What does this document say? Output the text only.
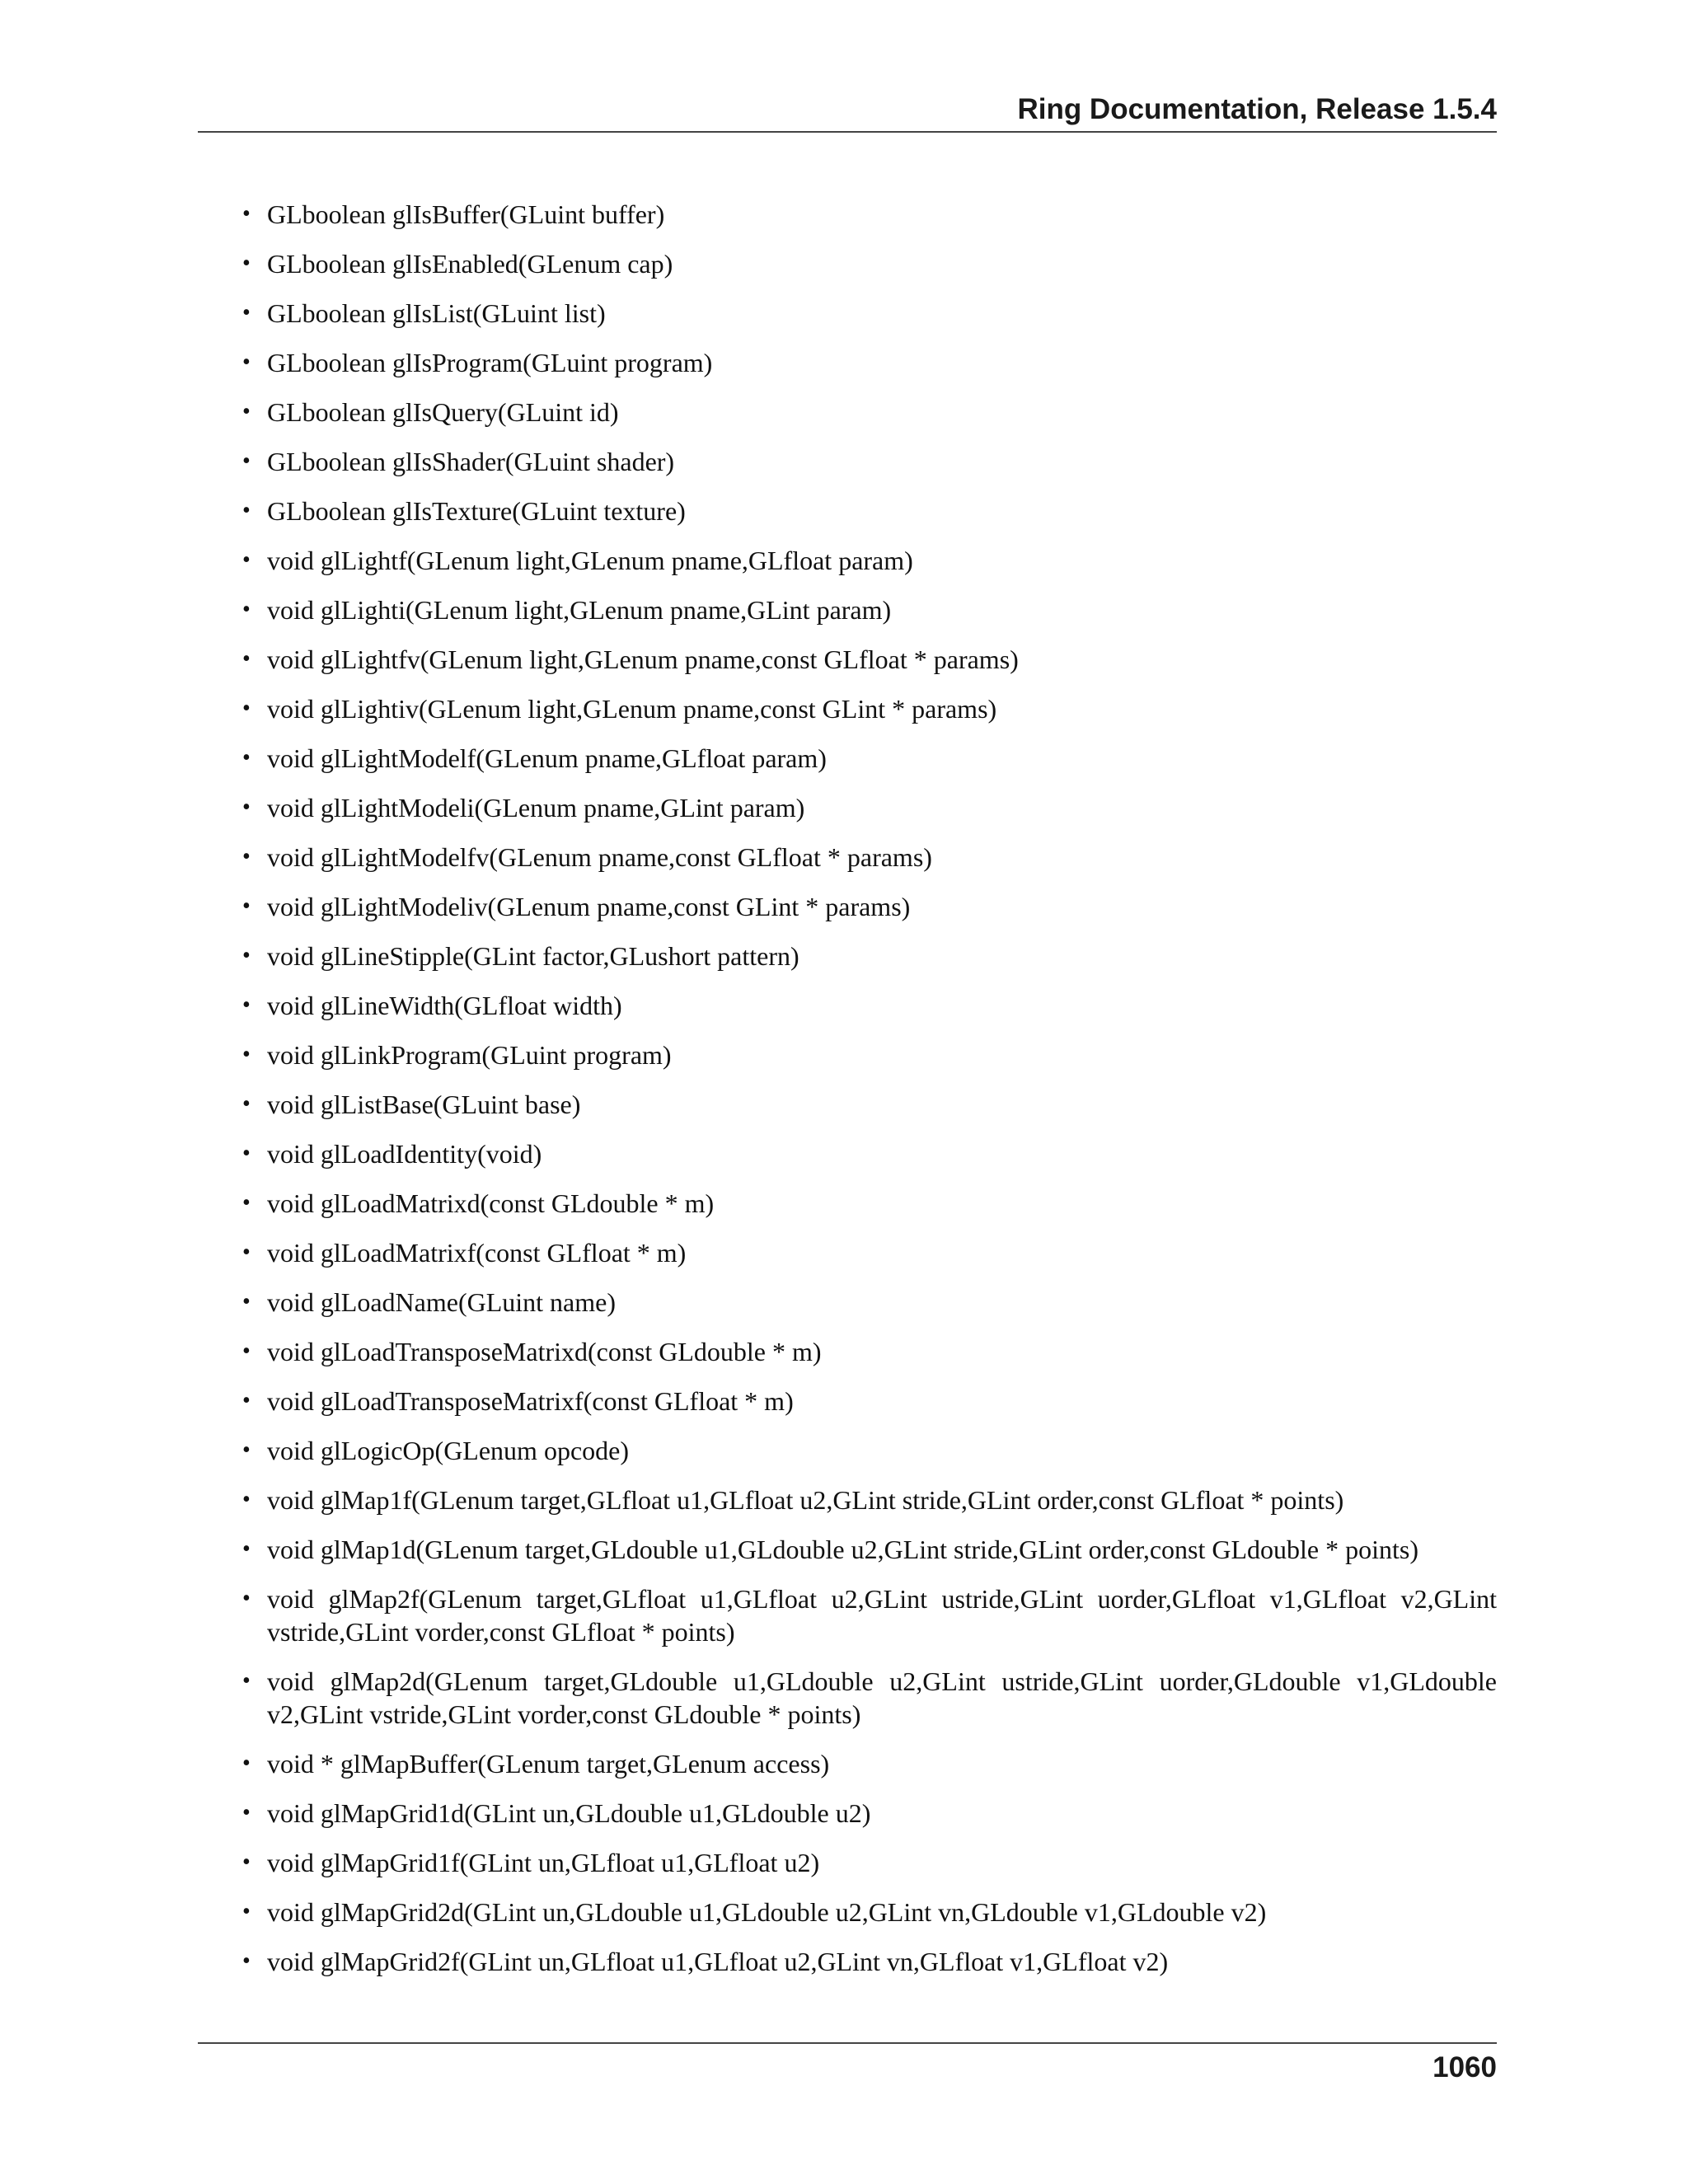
Ring Documentation, Release 1.5.4
• GLboolean glIsBuffer(GLuint buffer)
• GLboolean glIsEnabled(GLenum cap)
• GLboolean glIsList(GLuint list)
• GLboolean glIsProgram(GLuint program)
• GLboolean glIsQuery(GLuint id)
• GLboolean glIsShader(GLuint shader)
• GLboolean glIsTexture(GLuint texture)
• void glLightf(GLenum light,GLenum pname,GLfloat param)
• void glLighti(GLenum light,GLenum pname,GLint param)
• void glLightfv(GLenum light,GLenum pname,const GLfloat * params)
• void glLightiv(GLenum light,GLenum pname,const GLint * params)
• void glLightModelf(GLenum pname,GLfloat param)
• void glLightModeli(GLenum pname,GLint param)
• void glLightModelfv(GLenum pname,const GLfloat * params)
• void glLightModeliv(GLenum pname,const GLint * params)
• void glLineStipple(GLint factor,GLushort pattern)
• void glLineWidth(GLfloat width)
• void glLinkProgram(GLuint program)
• void glListBase(GLuint base)
• void glLoadIdentity(void)
• void glLoadMatrixd(const GLdouble * m)
• void glLoadMatrixf(const GLfloat * m)
• void glLoadName(GLuint name)
• void glLoadTransposeMatrixd(const GLdouble * m)
• void glLoadTransposeMatrixf(const GLfloat * m)
• void glLogicOp(GLenum opcode)
• void glMap1f(GLenum target,GLfloat u1,GLfloat u2,GLint stride,GLint order,const GLfloat * points)
• void glMap1d(GLenum target,GLdouble u1,GLdouble u2,GLint stride,GLint order,const GLdouble * points)
• void glMap2f(GLenum target,GLfloat u1,GLfloat u2,GLint ustride,GLint uorder,GLfloat v1,GLfloat v2,GLint vstride,GLint vorder,const GLfloat * points)
• void glMap2d(GLenum target,GLdouble u1,GLdouble u2,GLint ustride,GLint uorder,GLdouble v1,GLdouble v2,GLint vstride,GLint vorder,const GLdouble * points)
• void * glMapBuffer(GLenum target,GLenum access)
• void glMapGrid1d(GLint un,GLdouble u1,GLdouble u2)
• void glMapGrid1f(GLint un,GLfloat u1,GLfloat u2)
• void glMapGrid2d(GLint un,GLdouble u1,GLdouble u2,GLint vn,GLdouble v1,GLdouble v2)
• void glMapGrid2f(GLint un,GLfloat u1,GLfloat u2,GLint vn,GLfloat v1,GLfloat v2)
1060
